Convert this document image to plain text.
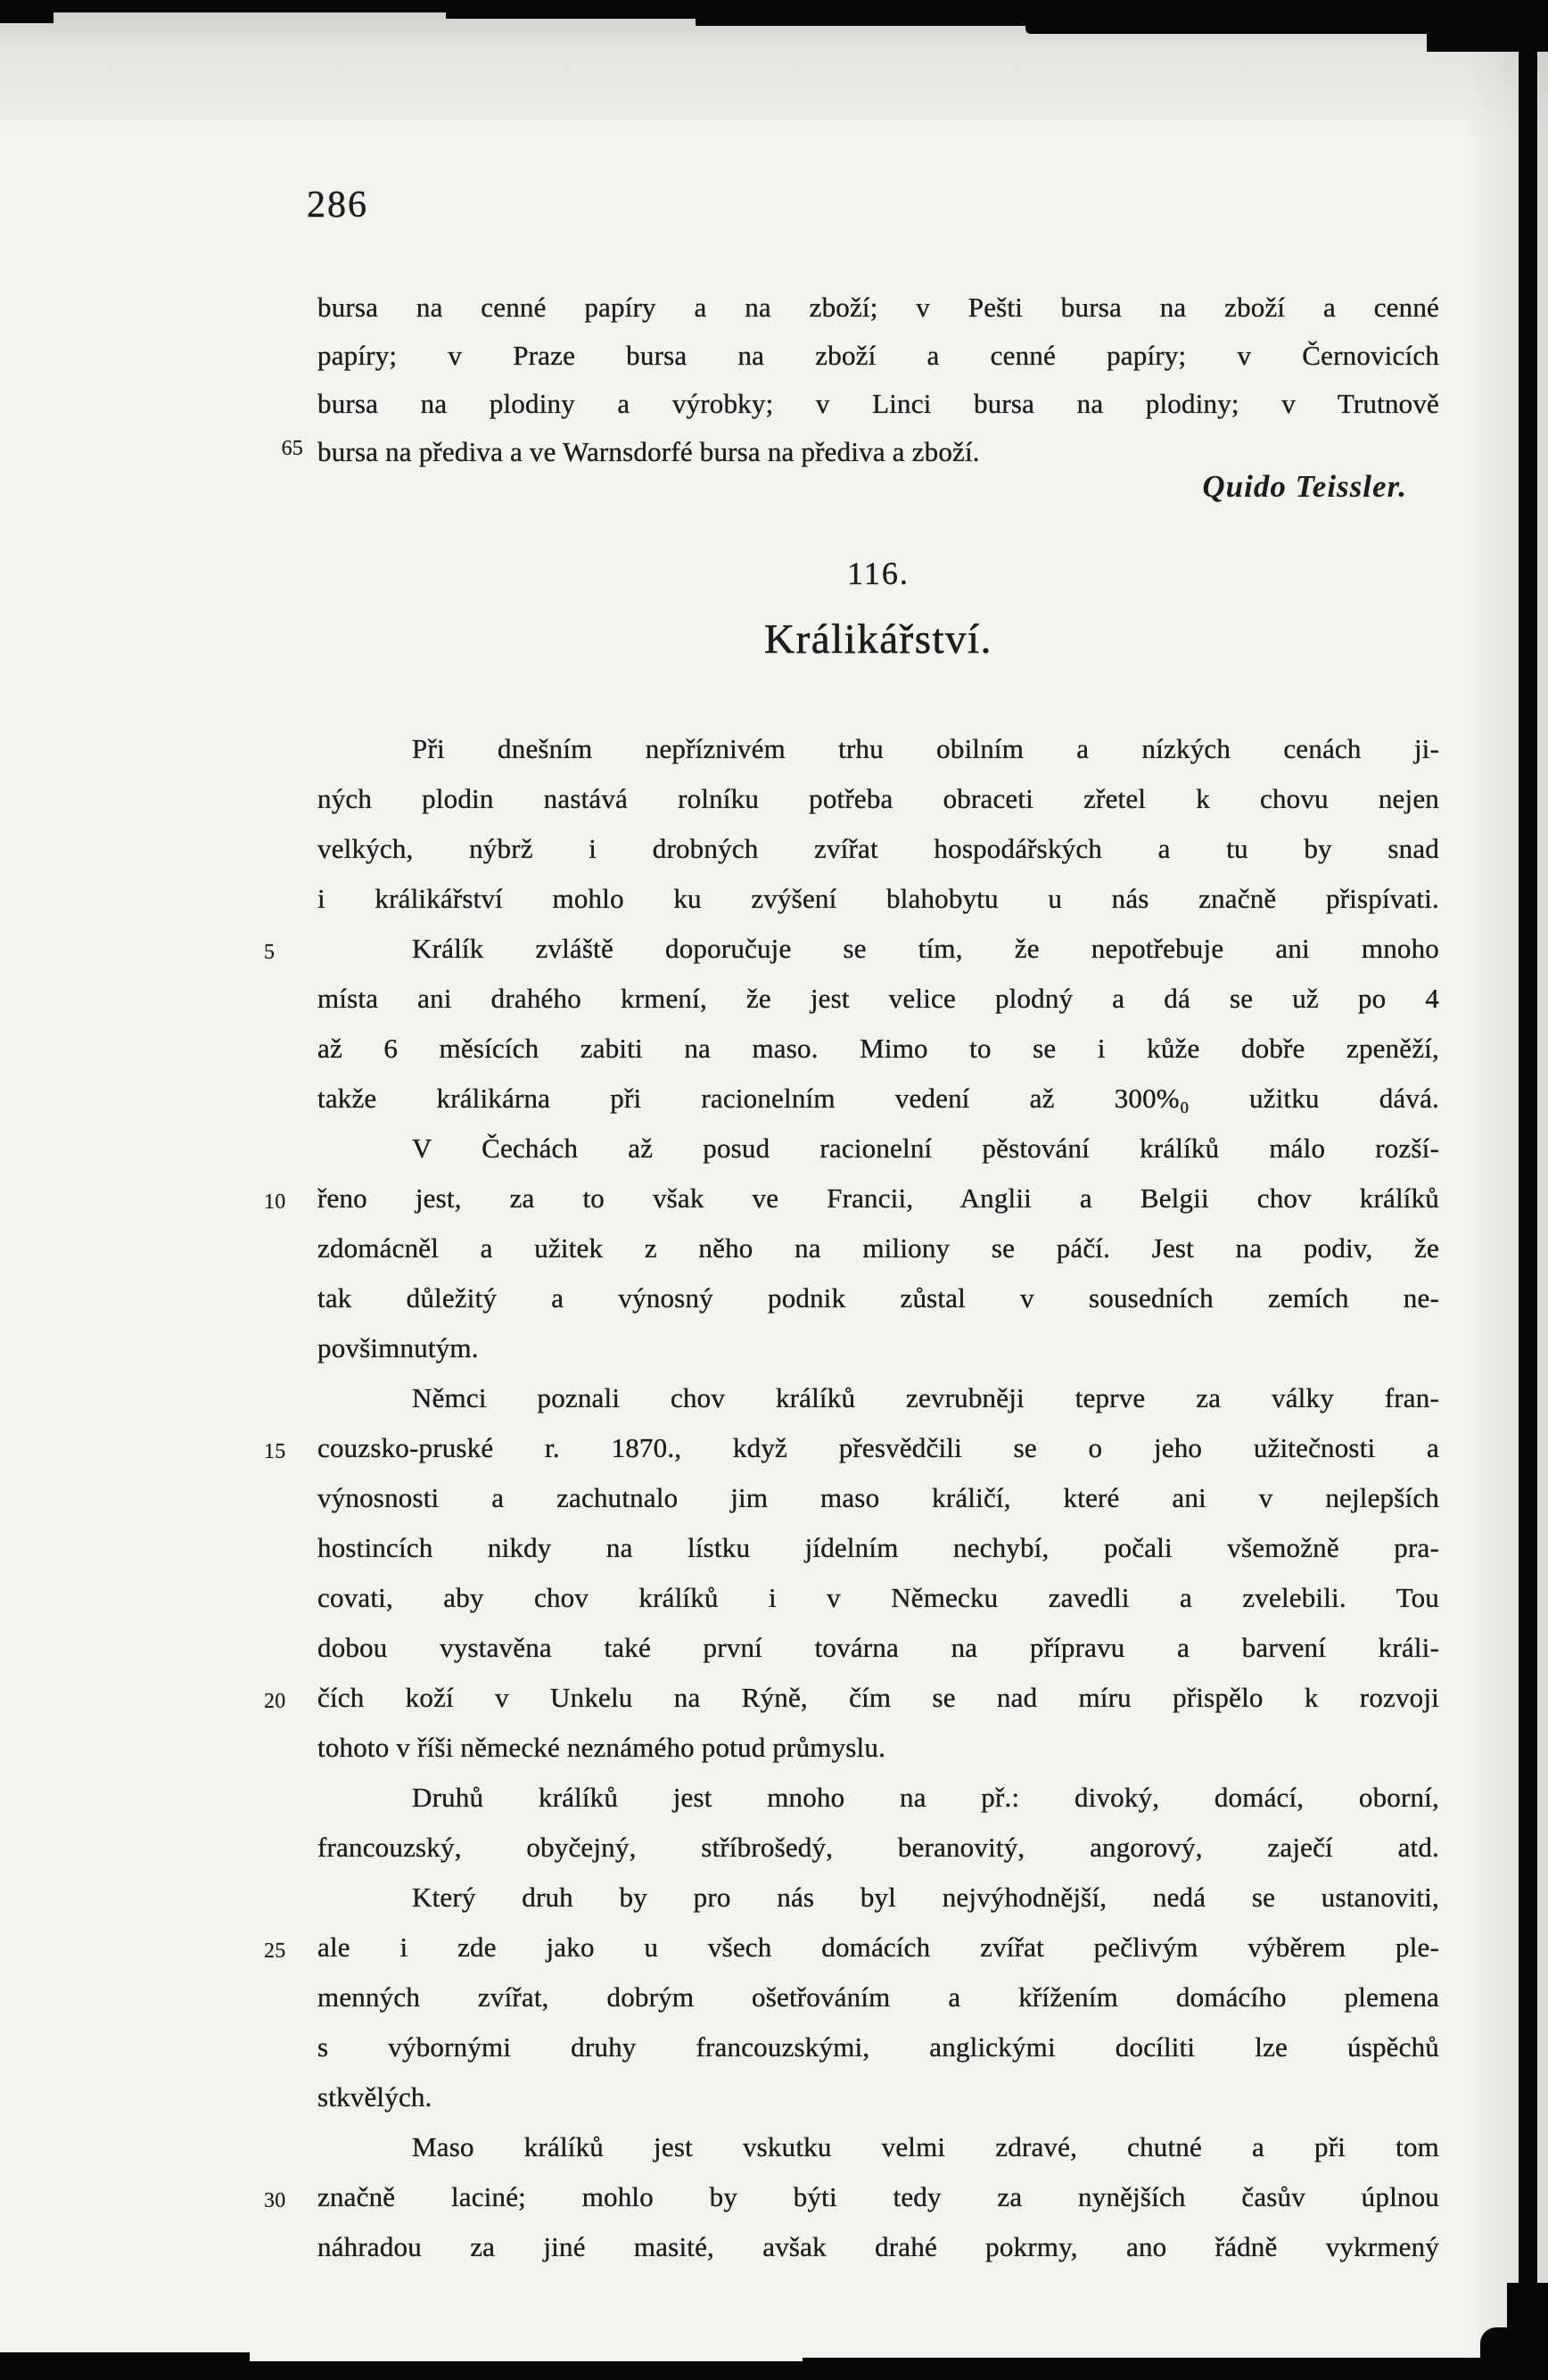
286
bursa na cenné papíry a na zboží; v Pešti bursa na zboží a cenné
papíry; v Praze bursa na zboží a cenné papíry; v Černovicích
bursa na plodiny a výrobky; v Linci bursa na plodiny; v Trutnově
65 bursa na přediva a ve Warnsdorfé bursa na přediva a zboží.
Quido Teissler.
116.
Králikářství.
Při dnešním nepříznivém trhu obilním a nízkých cenách ji-
ných plodin nastává rolníku potřeba obraceti zřetel k chovu nejen
velkých, nýbrž i drobných zvířat hospodářských a tu by snad
i králikářství mohlo ku zvýšení blahobytu u nás značně přispívati.
5	Králík zvláště doporučuje se tím, že nepotřebuje ani mnoho
místa ani drahého krmení, že jest velice plodný a dá se už po 4
až 6 měsících zabiti na maso. Mimo to se i kůže dobře zpeněží,
takže králikárna při racionelním vedení až 300%₀ užitku dává.
V Čechách až posud racionelní pěstování králíků málo rozší-
10	řeno jest, za to však ve Francii, Anglii a Belgii chov králíků
zdomácněl a užitek z něho na miliony se páčí. Jest na podiv, že
tak důležitý a výnosný podnik zůstal v sousedních zemích ne-
povšimnutým.
Němci poznali chov králíků zevrubněji teprve za války fran-
15	couzsko-pruské r. 1870., když přesvědčili se o jeho užitečnosti a
výnosnosti a zachutnalo jim maso králičí, které ani v nejlepších
hostincích nikdy na lístku jídelním nechybí, počali všemožně pra-
covati, aby chov králíků i v Německu zavedli a zvelebili. Tou
dobou vystavěna také první továrna na přípravu a barvení králi-
20	čích koží v Unkelu na Rýně, čím se nad míru přispělo k rozvoji
tohoto v říši německé neznámého potud průmyslu.
Druhů králíků jest mnoho na př.: divoký, domácí, oborní,
francouzský, obyčejný, stříbrošedý, beranovitý, angorový, zaječí atd.
Který druh by pro nás byl nejvýhodnější, nedá se ustanoviti,
25	ale i zde jako u všech domácích zvířat pečlivým výběrem ple-
menných zvířat, dobrým ošetřováním a křížením domácího plemena
s výbornými druhy francouzskými, anglickými docíliti lze úspěchů
stkvělých.
Maso králíků jest vskutku velmi zdravé, chutné a při tom
30	značně laciné; mohlo by býti tedy za nynějších časův úplnou
náhradou za jiné masité, avšak drahé pokrmy, ano řádně vykrmený
